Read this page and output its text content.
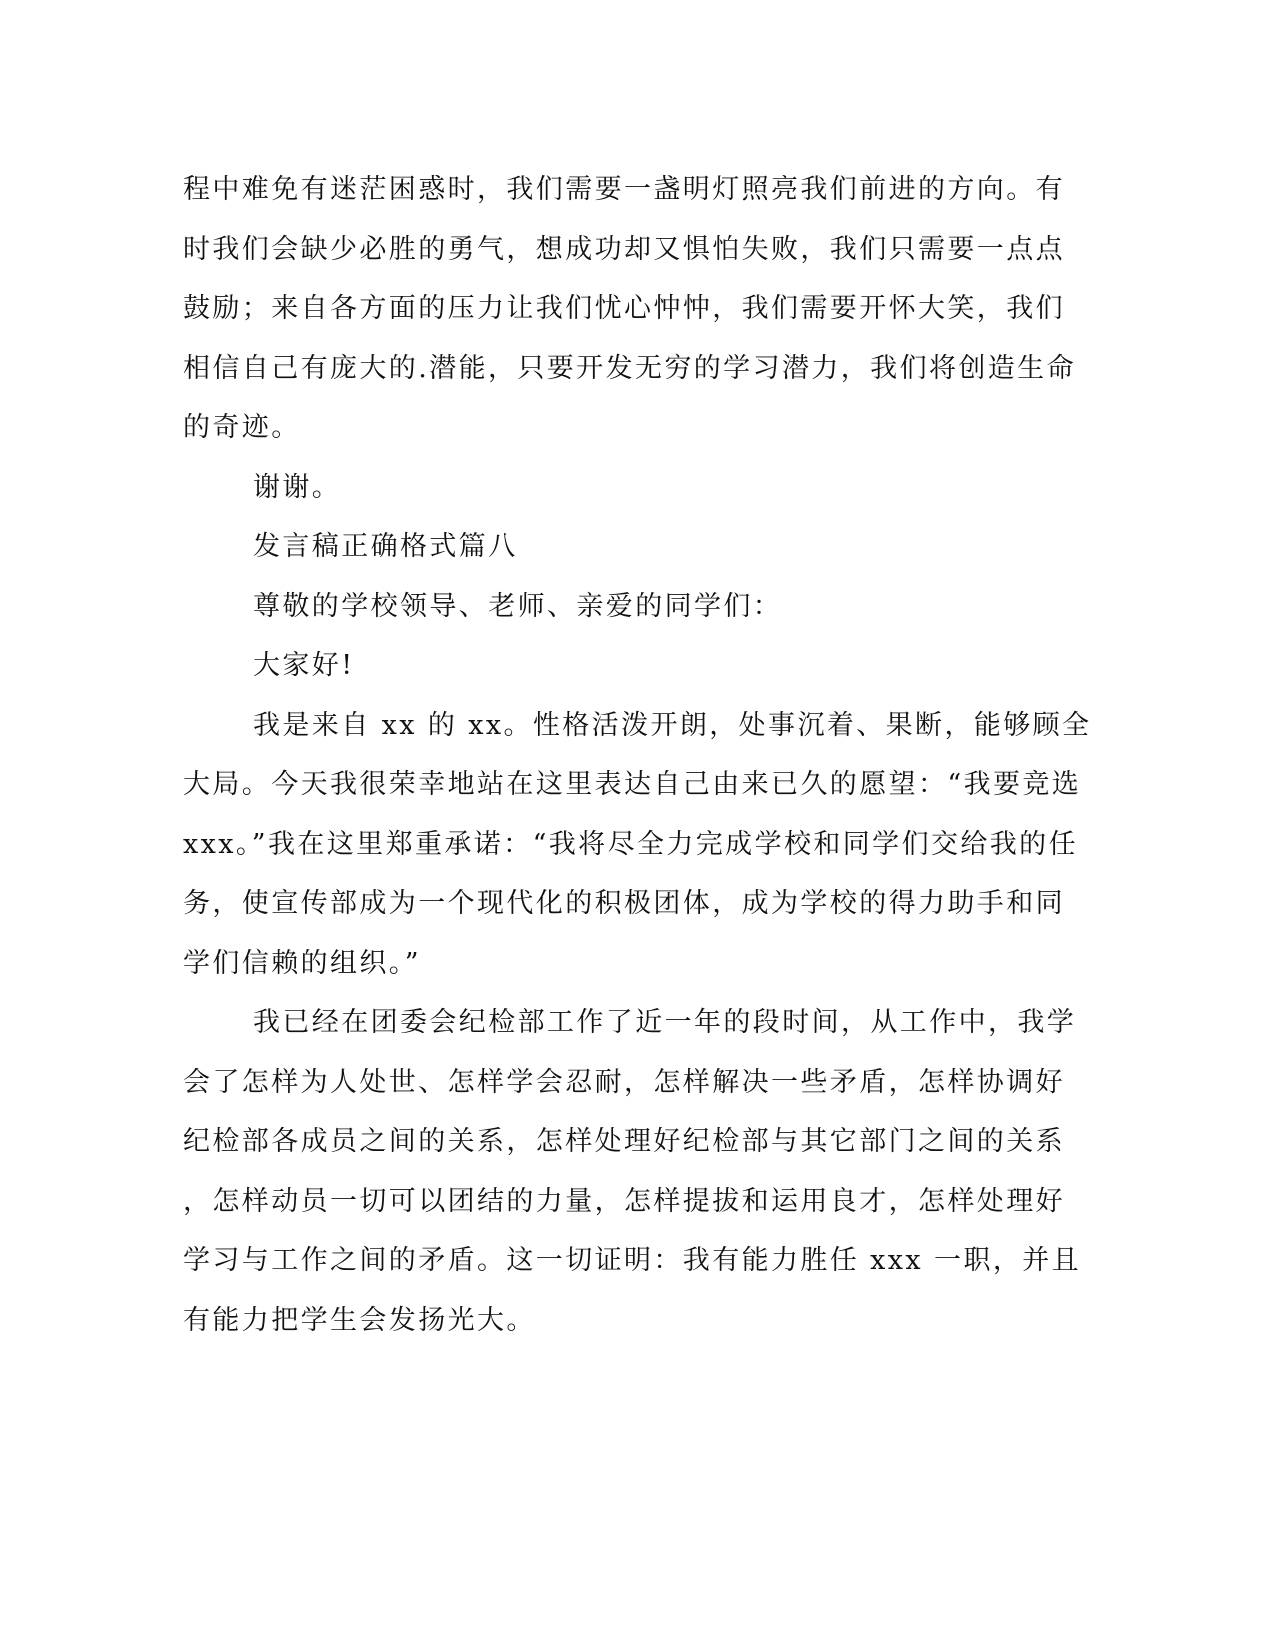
程中难免有迷茫困惑时，我们需要一盏明灯照亮我们前进的方向。有
时我们会缺少必胜的勇气，想成功却又惧怕失败，我们只需要一点点
鼓励；来自各方面的压力让我们忧心忡忡，我们需要开怀大笑，我们
相信自己有庞大的.潜能，只要开发无穷的学习潜力，我们将创造生命
的奇迹。
谢谢。
发言稿正确格式篇八
尊敬的学校领导、老师、亲爱的同学们：
大家好!
我是来自 xx 的 xx。性格活泼开朗，处事沉着、果断，能够顾全
大局。今天我很荣幸地站在这里表达自己由来已久的愿望：“我要竞选
xxx。”我在这里郑重承诺：“我将尽全力完成学校和同学们交给我的任
务，使宣传部成为一个现代化的积极团体，成为学校的得力助手和同
学们信赖的组织。”
我已经在团委会纪检部工作了近一年的段时间，从工作中，我学
会了怎样为人处世、怎样学会忍耐，怎样解决一些矛盾，怎样协调好
纪检部各成员之间的关系，怎样处理好纪检部与其它部门之间的关系
，怎样动员一切可以团结的力量，怎样提拔和运用良才，怎样处理好
学习与工作之间的矛盾。这一切证明：我有能力胜任 xxx 一职，并且
有能力把学生会发扬光大。
